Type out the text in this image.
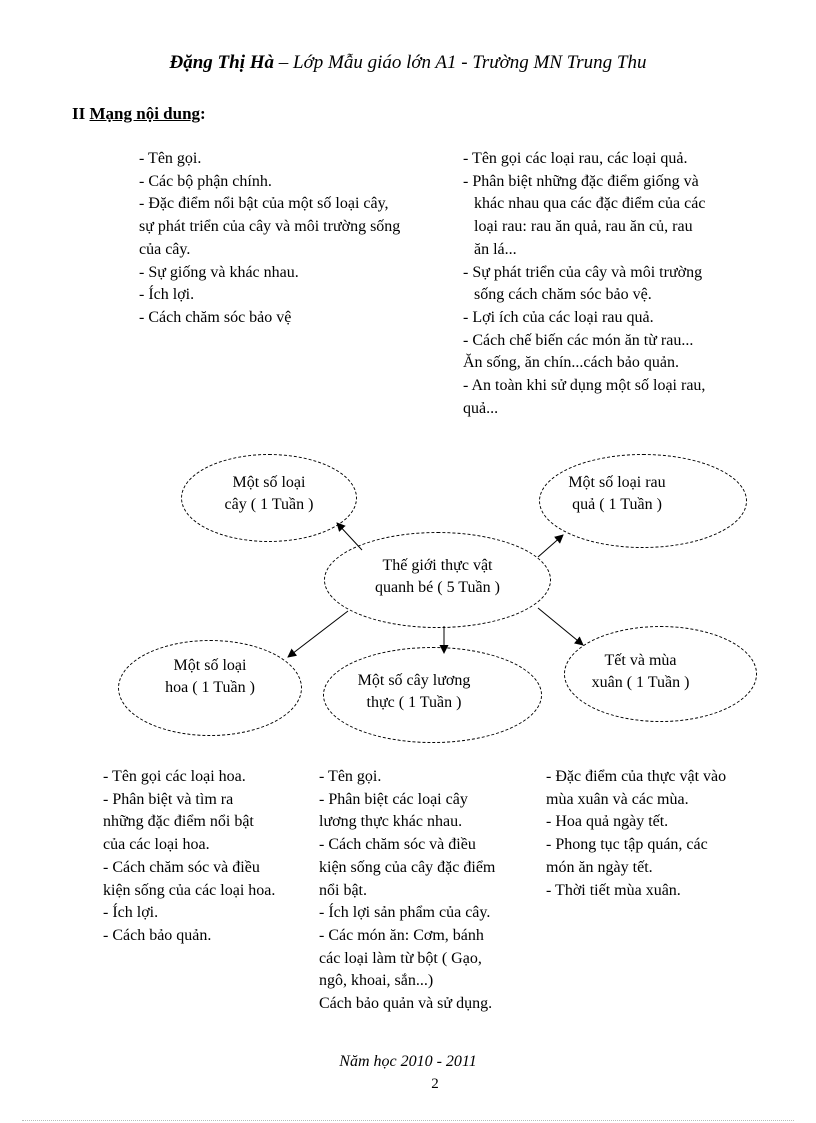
Đặng Thị Hà – Lớp Mẫu giáo lớn A1 - Trường MN Trung Thu
II Mạng nội dung:
- Tên gọi.
- Các bộ phận chính.
- Đặc điểm nổi bật của một số loại cây,
sự phát triển của cây và môi trường sống
của cây.
- Sự giống và khác nhau.
- Ích lợi.
- Cách chăm sóc bảo vệ
- Tên gọi các loại rau, các loại quả.
- Phân biệt những đặc điểm giống và
khác nhau qua các đặc điểm của các
loại rau: rau ăn quả, rau ăn củ, rau
ăn lá...
- Sự phát triển của cây và môi trường
sống cách chăm sóc bảo vệ.
- Lợi ích của các loại rau quả.
- Cách chế biến các món ăn từ rau...
Ăn sống, ăn chín...cách bảo quản.
- An toàn khi sử dụng một số loại rau,
quả...
Một số loại
cây ( 1 Tuần )
Một số loại rau
quả ( 1 Tuần )
Thế giới thực vật
quanh bé ( 5 Tuần )
Một số loại
hoa ( 1 Tuần )	Một số cây lương
thực ( 1 Tuần )
Tết và mùa
xuân ( 1 Tuần )
- Tên gọi các loại hoa.
- Phân biệt và tìm ra
những đặc điểm nổi bật
của các loại hoa.
- Cách chăm sóc và điều
kiện sống của các loại hoa.
- Ích lợi.
- Cách bảo quản.
- Tên gọi.
- Phân biệt các loại cây
lương thực khác nhau.
- Cách chăm sóc và điều
kiện sống của cây đặc điểm
nổi bật.
- Ích lợi sản phẩm của cây.
- Các món ăn: Cơm, bánh
các loại làm từ bột ( Gạo,
ngô, khoai, sắn...)
Cách bảo quản và sử dụng.
- Đặc điểm của thực vật vào
mùa xuân và các mùa.
- Hoa quả ngày tết.
- Phong tục tập quán, các
món ăn ngày tết.
- Thời tiết mùa xuân.
Năm học 2010 - 2011
2
